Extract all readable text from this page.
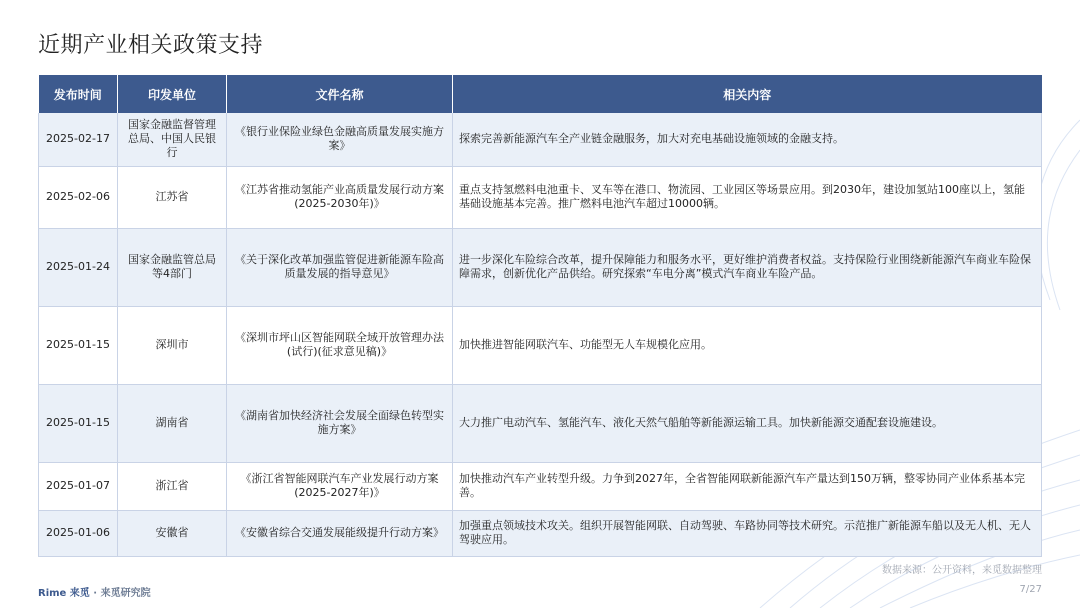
近期产业相关政策支持
发布时间	印发单位	文件名称	相关内容
2025-02-17	国家金融监督管理总局、中国人民银行	《银行业保险业绿色金融高质量发展实施方案》	探索完善新能源汽车全产业链金融服务，加大对充电基础设施领域的金融支持。
2025-02-06	江苏省	《江苏省推动氢能产业高质量发展行动方案(2025-2030年)》	重点支持氢燃料电池重卡、叉车等在港口、物流园、工业园区等场景应用。到2030年，建设加氢站100座以上，氢能基础设施基本完善。推广燃料电池汽车超过10000辆。
2025-01-24	国家金融监管总局等4部门	《关于深化改革加强监管促进新能源车险高质量发展的指导意见》	进一步深化车险综合改革，提升保障能力和服务水平，更好维护消费者权益。支持保险行业围绕新能源汽车商业车险保障需求，创新优化产品供给。研究探索“车电分离”模式汽车商业车险产品。
2025-01-15	深圳市	《深圳市坪山区智能网联全域开放管理办法(试行)(征求意见稿)》	加快推进智能网联汽车、功能型无人车规模化应用。
2025-01-15	湖南省	《湖南省加快经济社会发展全面绿色转型实施方案》	大力推广电动汽车、氢能汽车、液化天然气船舶等新能源运输工具。加快新能源交通配套设施建设。
2025-01-07	浙江省	《浙江省智能网联汽车产业发展行动方案(2025-2027年)》	加快推动汽车产业转型升级。力争到2027年，全省智能网联新能源汽车产量达到150万辆，整零协同产业体系基本完善。
2025-01-06	安徽省	《安徽省综合交通发展能级提升行动方案》	加强重点领域技术攻关。组织开展智能网联、自动驾驶、车路协同等技术研究。示范推广新能源车船以及无人机、无人驾驶应用。
数据来源：公开资料，来觅数据整理
Rime 来觅 · 来觅研究院	7/27
